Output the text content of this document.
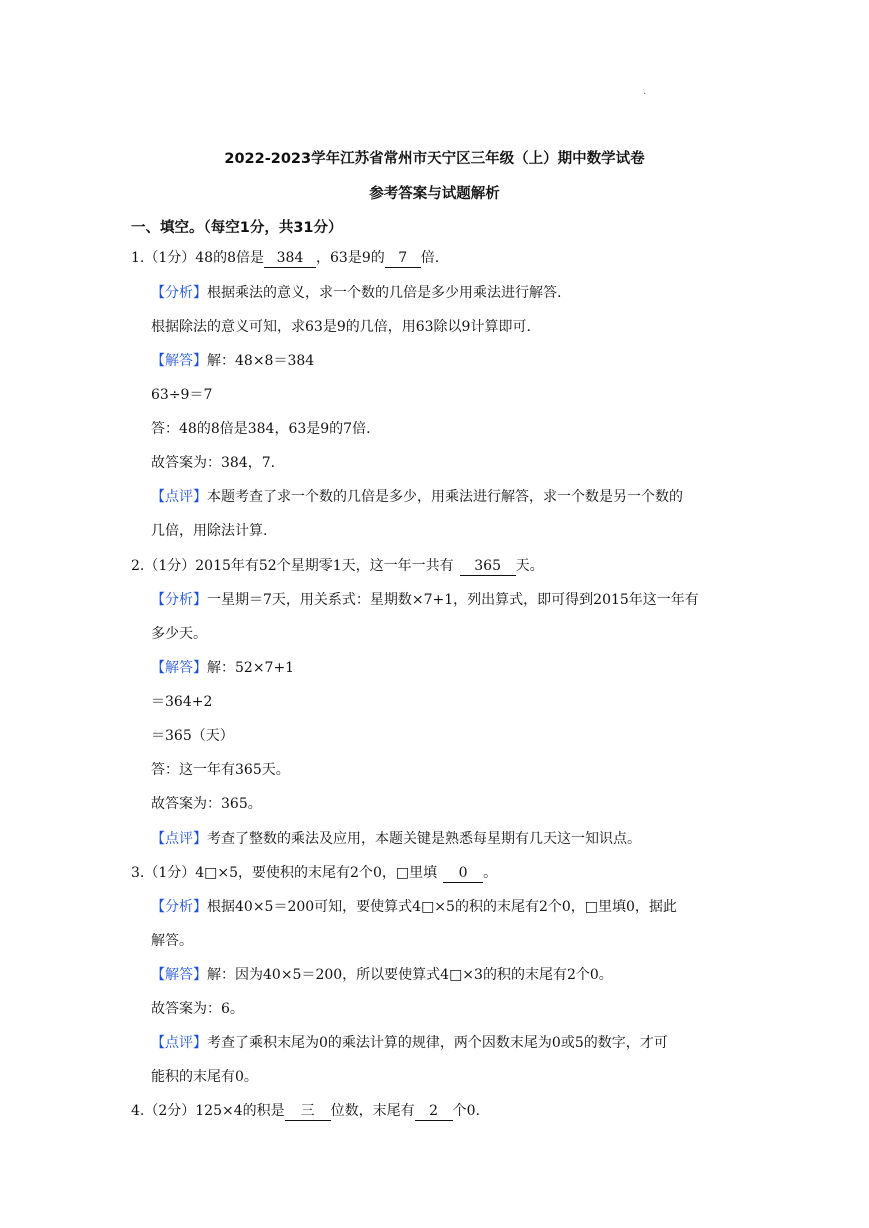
.
2022-2023学年江苏省常州市天宁区三年级（上）期中数学试卷
参考答案与试题解析
一、填空。（每空1分，共31分）
1.（1分）48的8倍是 384 ，63是9的 7 倍.
【分析】根据乘法的意义，求一个数的几倍是多少用乘法进行解答.
根据除法的意义可知，求63是9的几倍，用63除以9计算即可.
【解答】解：48×8＝384
63÷9＝7
答：48的8倍是384，63是9的7倍.
故答案为：384，7.
【点评】本题考查了求一个数的几倍是多少，用乘法进行解答，求一个数是另一个数的
几倍，用除法计算.
2.（1分）2015年有52个星期零1天，这一年一共有 365 天。
【分析】一星期＝7天，用关系式：星期数×7+1，列出算式，即可得到2015年这一年有
多少天。
【解答】解：52×7+1
＝364+2
＝365（天）
答：这一年有365天。
故答案为：365。
【点评】考查了整数的乘法及应用，本题关键是熟悉每星期有几天这一知识点。
3.（1分）4□×5，要使积的末尾有2个0，□里填 0 。
【分析】根据40×5＝200可知，要使算式4□×5的积的末尾有2个0，□里填0，据此
解答。
【解答】解：因为40×5＝200，所以要使算式4□×3的积的末尾有2个0。
故答案为：6。
【点评】考查了乘积末尾为0的乘法计算的规律，两个因数末尾为0或5的数字，才可
能积的末尾有0。
4.（2分）125×4的积是 三 位数，末尾有 2 个0.
